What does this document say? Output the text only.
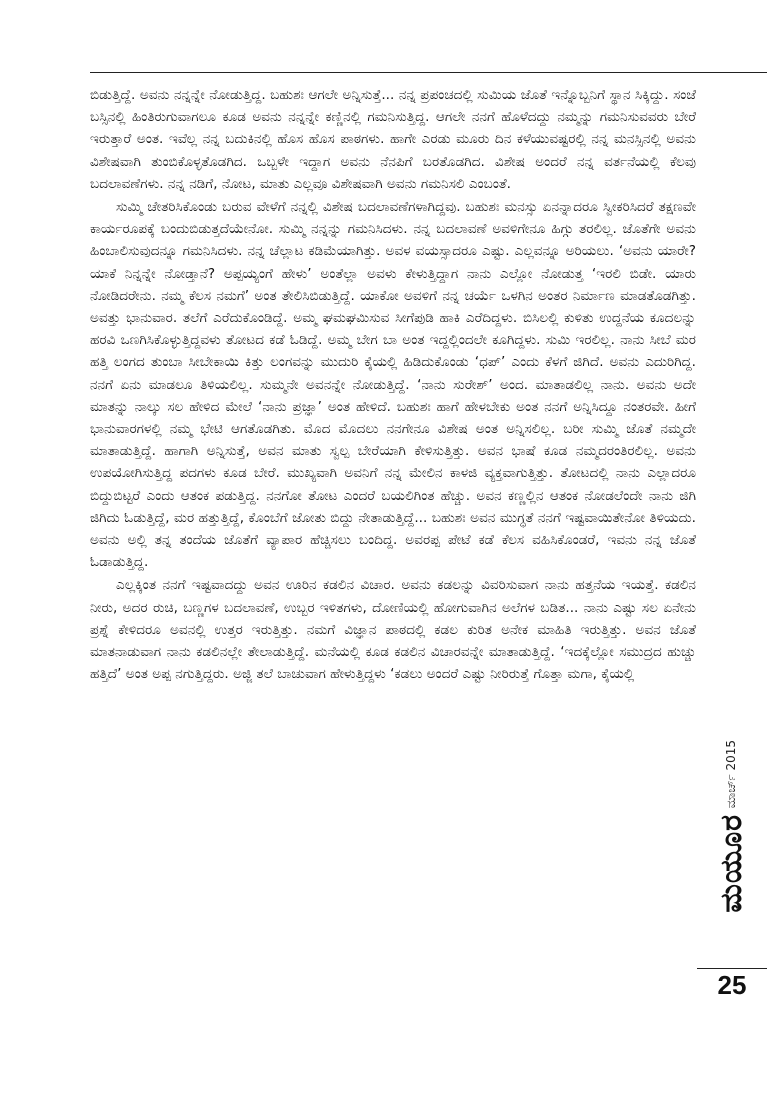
ಬಿಡುತ್ತಿದ್ದೆ. ಅವನು ನನ್ನನ್ನೇ ನೋಡುತ್ತಿದ್ದ. ಬಹುಶಃ ಆಗಲೇ ಅನ್ನಿಸುತ್ತೆ... ನನ್ನ ಪ್ರಪಂಚದಲ್ಲಿ ಸುಮಿಯ ಜೊತೆ ಇನ್ನೊಬ್ಬನಿಗೆ ಸ್ಥಾನ ಸಿಕ್ಕಿದ್ದು. ಸಂಜೆ ಬಸ್ಸಿನಲ್ಲಿ ಹಿಂತಿರುಗುವಾಗಲೂ ಕೂಡ ಅವನು ನನ್ನನ್ನೇ ಕಣ್ಣಿನಲ್ಲಿ ಗಮನಿಸುತ್ತಿದ್ದ. ಆಗಲೇ ನನಗೆ ಹೊಳೆದದ್ದು ನಮ್ಮನ್ನು ಗಮನಿಸುವವರು ಬೇರೆ ಇರುತ್ತಾರೆ ಅಂತ. ಇವೆಲ್ಲ ನನ್ನ ಬದುಕಿನಲ್ಲಿ ಹೊಸ ಹೊಸ ಪಾಠಗಳು. ಹಾಗೇ ಎರಡು ಮೂರು ದಿನ ಕಳೆಯುವಷ್ಟರಲ್ಲಿ ನನ್ನ ಮನಸ್ಸಿನಲ್ಲಿ ಅವನು ವಿಶೇಷವಾಗಿ ತುಂಬಿಕೊಳ್ಳತೊಡಗಿದ. ಒಬ್ಬಳೇ ಇದ್ದಾಗ ಅವನು ನೆನಪಿಗೆ ಬರತೊಡಗಿದ. ವಿಶೇಷ ಅಂದರೆ ನನ್ನ ವರ್ತನೆಯಲ್ಲಿ ಕೆಲವು ಬದಲಾವಣೆಗಳು. ನನ್ನ ನಡಿಗೆ, ನೋಟ, ಮಾತು ಎಲ್ಲವೂ ವಿಶೇಷವಾಗಿ ಅವನು ಗಮನಿಸಲಿ ಎಂಬಂತೆ.

ಸುಮ್ಮಿ ಚೇತರಿಸಿಕೊಂಡು ಬರುವ ವೇಳೆಗೆ ನನ್ನಲ್ಲಿ ವಿಶೇಷ ಬದಲಾವಣೆಗಳಾಗಿದ್ದವು. ಬಹುಶಃ ಮನಸ್ಸು ಏನನ್ನಾದರೂ ಸ್ವೀಕರಿಸಿದರೆ ತಕ್ಷಣವೇ ಕಾರ್ಯರೂಪಕ್ಕೆ ಬಂದುಬಿಡುತ್ತದೆಯೇನೋ. ಸುಮ್ಮಿ ನನ್ನನ್ನು ಗಮನಿಸಿದಳು. ನನ್ನ ಬದಲಾವಣೆ ಅವಳಿಗೇನೂ ಹಿಗ್ಗು ತರಲಿಲ್ಲ. ಜೊತೆಗೇ ಅವನು ಹಿಂಬಾಲಿಸುವುದನ್ನೂ ಗಮನಿಸಿದಳು. ನನ್ನ ಚೆಲ್ಲಾಟ ಕಡಿಮೆಯಾಗಿತ್ತು. ಅವಳ ವಯಸ್ಸಾದರೂ ಎಷ್ಟು. ಎಲ್ಲವನ್ನೂ ಅರಿಯಲು. ‘ಅವನು ಯಾರೇ? ಯಾಕೆ ನಿನ್ನನ್ನೇ ನೋಡ್ತಾನೆ? ಅಪ್ಪಯ್ಯಂಗೆ ಹೇಳು’ ಅಂತೆಲ್ಲಾ ಅವಳು ಕೇಳುತ್ತಿದ್ದಾಗ ನಾನು ಎಲ್ಲೋ ನೋಡುತ್ತ ‘ಇರಲಿ ಬಿಡೇ. ಯಾರು ನೋಡಿದರೇನು. ನಮ್ಮ ಕೆಲಸ ನಮಗೆ’ ಅಂತ ತೇಲಿಸಿಬಿಡುತ್ತಿದ್ದೆ. ಯಾಕೋ ಅವಳಿಗೆ ನನ್ನ ಚರ್ಯೆ ಒಳಗಿನ ಅಂತರ ನಿರ್ಮಾಣ ಮಾಡತೊಡಗಿತ್ತು. ಅವತ್ತು ಭಾನುವಾರ. ತಲೆಗೆ ಎರೆದುಕೊಂಡಿದ್ದೆ. ಅಮ್ಮ ಘಮಘಮಿಸುವ ಸೀಗೆಪುಡಿ ಹಾಕಿ ಎರೆದಿದ್ದಳು. ಬಿಸಿಲಲ್ಲಿ ಕುಳಿತು ಉದ್ದನೆಯ ಕೂದಲನ್ನು ಹರವಿ ಒಣಗಿಸಿಕೊಳ್ಳುತ್ತಿದ್ದವಳು ತೋಟದ ಕಡೆ ಓಡಿದ್ದೆ. ಅಮ್ಮ ಬೇಗ ಬಾ ಅಂತ ಇದ್ದಲ್ಲಿಂದಲೇ ಕೂಗಿದ್ದಳು. ಸುಮಿ ಇರಲಿಲ್ಲ. ನಾನು ಸೀಬೆ ಮರ ಹತ್ತಿ ಲಂಗದ ತುಂಬಾ ಸೀಬೇಕಾಯಿ ಕಿತ್ತು ಲಂಗವನ್ನು ಮುದುರಿ ಕೈಯಲ್ಲಿ ಹಿಡಿದುಕೊಂಡು ‘ಧಪ್’ ಎಂದು ಕೆಳಗೆ ಜಿಗಿದೆ. ಅವನು ಎದುರಿಗಿದ್ದ. ನನಗೆ ಏನು ಮಾಡಲೂ ತಿಳಿಯಲಿಲ್ಲ. ಸುಮ್ಮನೇ ಅವನನ್ನೇ ನೋಡುತ್ತಿದ್ದೆ. ‘ನಾನು ಸುರೇಶ್’ ಅಂದ. ಮಾತಾಡಲಿಲ್ಲ ನಾನು. ಅವನು ಅದೇ ಮಾತನ್ನು ನಾಲ್ಕು ಸಲ ಹೇಳಿದ ಮೇಲೆ ‘ನಾನು ಪ್ರಜ್ಞಾ’ ಅಂತ ಹೇಳಿದೆ. ಬಹುಶಃ ಹಾಗೆ ಹೇಳಬೇಕು ಅಂತ ನನಗೆ ಅನ್ನಿಸಿದ್ದೂ ನಂತರವೇ. ಹೀಗೆ ಭಾನುವಾರಗಳಲ್ಲಿ ನಮ್ಮ ಭೇಟಿ ಆಗತೊಡಗಿತು. ಮೊದ ಮೊದಲು ನನಗೇನೂ ವಿಶೇಷ ಅಂತ ಅನ್ನಿಸಲಿಲ್ಲ. ಬರೀ ಸುಮ್ಮಿ ಜೊತೆ ನಮ್ಮದೇ ಮಾತಾಡುತ್ತಿದ್ದೆ. ಹಾಗಾಗಿ ಅನ್ನಿಸುತ್ತೆ, ಅವನ ಮಾತು ಸ್ವಲ್ಪ ಬೇರೆಯಾಗಿ ಕೇಳಿಸುತ್ತಿತ್ತು. ಅವನ ಭಾಷೆ ಕೂಡ ನಮ್ಮದರಂತಿರಲಿಲ್ಲ. ಅವನು ಉಪಯೋಗಿಸುತ್ತಿದ್ದ ಪದಗಳು ಕೂಡ ಬೇರೆ. ಮುಖ್ಯವಾಗಿ ಅವನಿಗೆ ನನ್ನ ಮೇಲಿನ ಕಾಳಜಿ ವ್ಯಕ್ತವಾಗುತ್ತಿತ್ತು. ತೋಟದಲ್ಲಿ ನಾನು ಎಲ್ಲಾದರೂ ಬಿದ್ದುಬಿಟ್ಟರೆ ಎಂದು ಆತಂಕ ಪಡುತ್ತಿದ್ದ. ನನಗೋ ತೋಟ ಎಂದರೆ ಬಯಲಿಗಿಂತ ಹೆಚ್ಚು. ಅವನ ಕಣ್ಣಲ್ಲಿನ ಆತಂಕ ನೋಡಲೆಂದೇ ನಾನು ಜಿಗಿ ಜಿಗಿದು ಓಡುತ್ತಿದ್ದೆ, ಮರ ಹತ್ತುತ್ತಿದ್ದೆ, ಕೊಂಬೆಗೆ ಜೋತು ಬಿದ್ದು ನೇತಾಡುತ್ತಿದ್ದೆ... ಬಹುಶಃ ಅವನ ಮುಗ್ಧತೆ ನನಗೆ ಇಷ್ಟವಾಯಿತೇನೋ ತಿಳಿಯದು. ಅವನು ಅಲ್ಲಿ ತನ್ನ ತಂದೆಯ ಜೊತೆಗೆ ವ್ಯಾಪಾರ ಹೆಚ್ಚಿಸಲು ಬಂದಿದ್ದ. ಅವರಪ್ಪ ಪೇಟೆ ಕಡೆ ಕೆಲಸ ವಹಿಸಿಕೊಂಡರೆ, ಇವನು ನನ್ನ ಜೊತೆ ಓಡಾಡುತ್ತಿದ್ದ.

ಎಲ್ಲಕ್ಕಿಂತ ನನಗೆ ಇಷ್ಟವಾದದ್ದು ಅವನ ಊರಿನ ಕಡಲಿನ ವಿಚಾರ. ಅವನು ಕಡಲನ್ನು ವಿವರಿಸುವಾಗ ನಾನು ಹತ್ತನೆಯ ಇಯತ್ತೆ. ಕಡಲಿನ ನೀರು, ಅದರ ರುಚಿ, ಬಣ್ಣಗಳ ಬದಲಾವಣೆ, ಉಬ್ಬರ ಇಳಿತಗಳು, ದೋಣಿಯಲ್ಲಿ ಹೋಗುವಾಗಿನ ಅಲೆಗಳ ಬಡಿತ... ನಾನು ಎಷ್ಟು ಸಲ ಏನೇನು ಪ್ರಶ್ನೆ ಕೇಳಿದರೂ ಅವನಲ್ಲಿ ಉತ್ತರ ಇರುತ್ತಿತ್ತು. ನಮಗೆ ವಿಜ್ಞಾನ ಪಾಠದಲ್ಲಿ ಕಡಲ ಕುರಿತ ಅನೇಕ ಮಾಹಿತಿ ಇರುತ್ತಿತ್ತು. ಅವನ ಜೊತೆ ಮಾತನಾಡುವಾಗ ನಾನು ಕಡಲಿನಲ್ಲೇ ತೇಲಾಡುತ್ತಿದ್ದೆ. ಮನೆಯಲ್ಲಿ ಕೂಡ ಕಡಲಿನ ವಿಚಾರವನ್ನೇ ಮಾತಾಡುತ್ತಿದ್ದೆ. ‘ಇದಕ್ಕೆಲ್ಲೋ ಸಮುದ್ರದ ಹುಚ್ಚು ಹತ್ತಿದೆ’ ಅಂತ ಅಪ್ಪ ನಗುತ್ತಿದ್ದರು. ಅಜ್ಜಿ ತಲೆ ಬಾಚುವಾಗ ಹೇಳುತ್ತಿದ್ದಳು ‘ಕಡಲು ಅಂದರೆ ಎಷ್ಟು ನೀರಿರುತ್ತೆ ಗೊತ್ತಾ ಮಗಾ, ಕೈಯಲ್ಲಿ

ಮಾರ್ಚ್ 2015
ಮಯೂರ
25
